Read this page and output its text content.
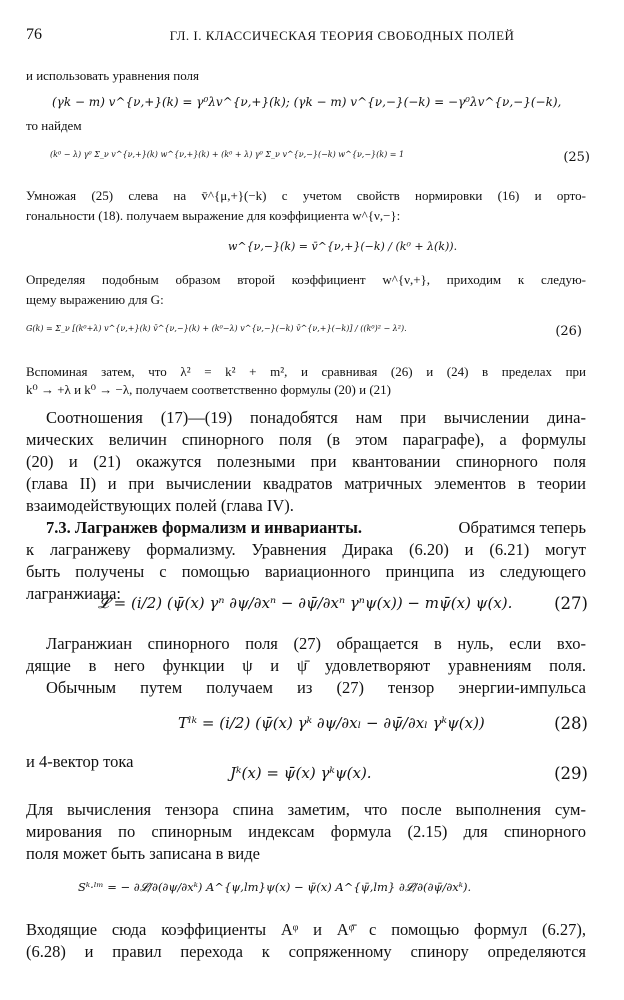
76	ГЛ. I. КЛАССИЧЕСКАЯ ТЕОРИЯ СВОБОДНЫХ ПОЛЕЙ
и использовать уравнения поля
(γk − m) v^{ν,+}(k) = γ⁰λv^{ν,+}(k); (γk − m) v^{ν,−}(−k) = −γ⁰λv^{ν,−}(−k),
то найдем
(k⁰ − λ) γ⁰ Σ_ν v^{ν,+}(k) w^{ν,+}(k) + (k⁰ + λ) γ⁰ Σ_ν v^{ν,−}(−k) w^{ν,−}(k) = 1	(25)
Умножая (25) слева на v̄^{μ,+}(−k) с учетом свойств нормировки (16) и орто-
гональности (18). получаем выражение для коэффициента w^{ν,−}:
w^{ν,−}(k) = v̄^{ν,+}(−k) / (k⁰ + λ(k)).
Определяя подобным образом второй коэффициент w^{ν,+}, приходим к следую-
щему выражению для G:
G(k) = Σ_ν [(k⁰+λ) v^{ν,+}(k) v̄^{ν,−}(k) + (k⁰−λ) v^{ν,−}(−k) v̄^{ν,+}(−k)] / ((k⁰)² − λ²).	(26)
Вспоминая затем, что λ² = k² + m², и сравнивая (26) и (24) в пределах при
k⁰ → +λ и k⁰ → −λ, получаем соответственно формулы (20) и (21)
Соотношения (17)—(19) понадобятся нам при вычислении дина-
мических величин спинорного поля (в этом параграфе), а формулы
(20) и (21) окажутся полезными при квантовании спинорного поля
(глава II) и при вычислении квадратов матричных элементов в теории
взаимодействующих полей (глава IV).
7.3. Лагранжев формализм и инварианты.	Обратимся теперь
к лагранжеву формализму. Уравнения Дирака (6.20) и (6.21) могут
быть получены с помощью вариационного принципа из следующего
лагранжиана:
𝓛 = (i/2) (ψ̄(x) γⁿ ∂ψ/∂xⁿ − ∂ψ̄/∂xⁿ γⁿψ(x)) − mψ̄(x) ψ(x).	(27)
Лагранжиан спинорного поля (27) обращается в нуль, если вхо-
дящие в него функции ψ и ψ̄ удовлетворяют уравнениям поля.
Обычным путем получаем из (27) тензор энергии-импульса
Tˡᵏ = (i/2) (ψ̄(x) γᵏ ∂ψ/∂xₗ − ∂ψ̄/∂xₗ γᵏψ(x))	(28)
и 4-вектор тока
Jᵏ(x) = ψ̄(x) γᵏψ(x).	(29)
Для вычисления тензора спина заметим, что после выполнения сум-
мирования по спинорным индексам формула (2.15) для спинорного
поля может быть записана в виде
Sᵏ·ˡᵐ = − ∂𝓛/∂(∂ψ/∂xᵏ) A^{ψ,lm}ψ(x) − ψ̄(x) A^{ψ̄,lm} ∂𝓛/∂(∂ψ̄/∂xᵏ).
Входящие сюда коэффициенты Aᵠ и Aᵠ̄ с помощью формул (6.27),
(6.28) и правил перехода к сопряженному спинору определяются
